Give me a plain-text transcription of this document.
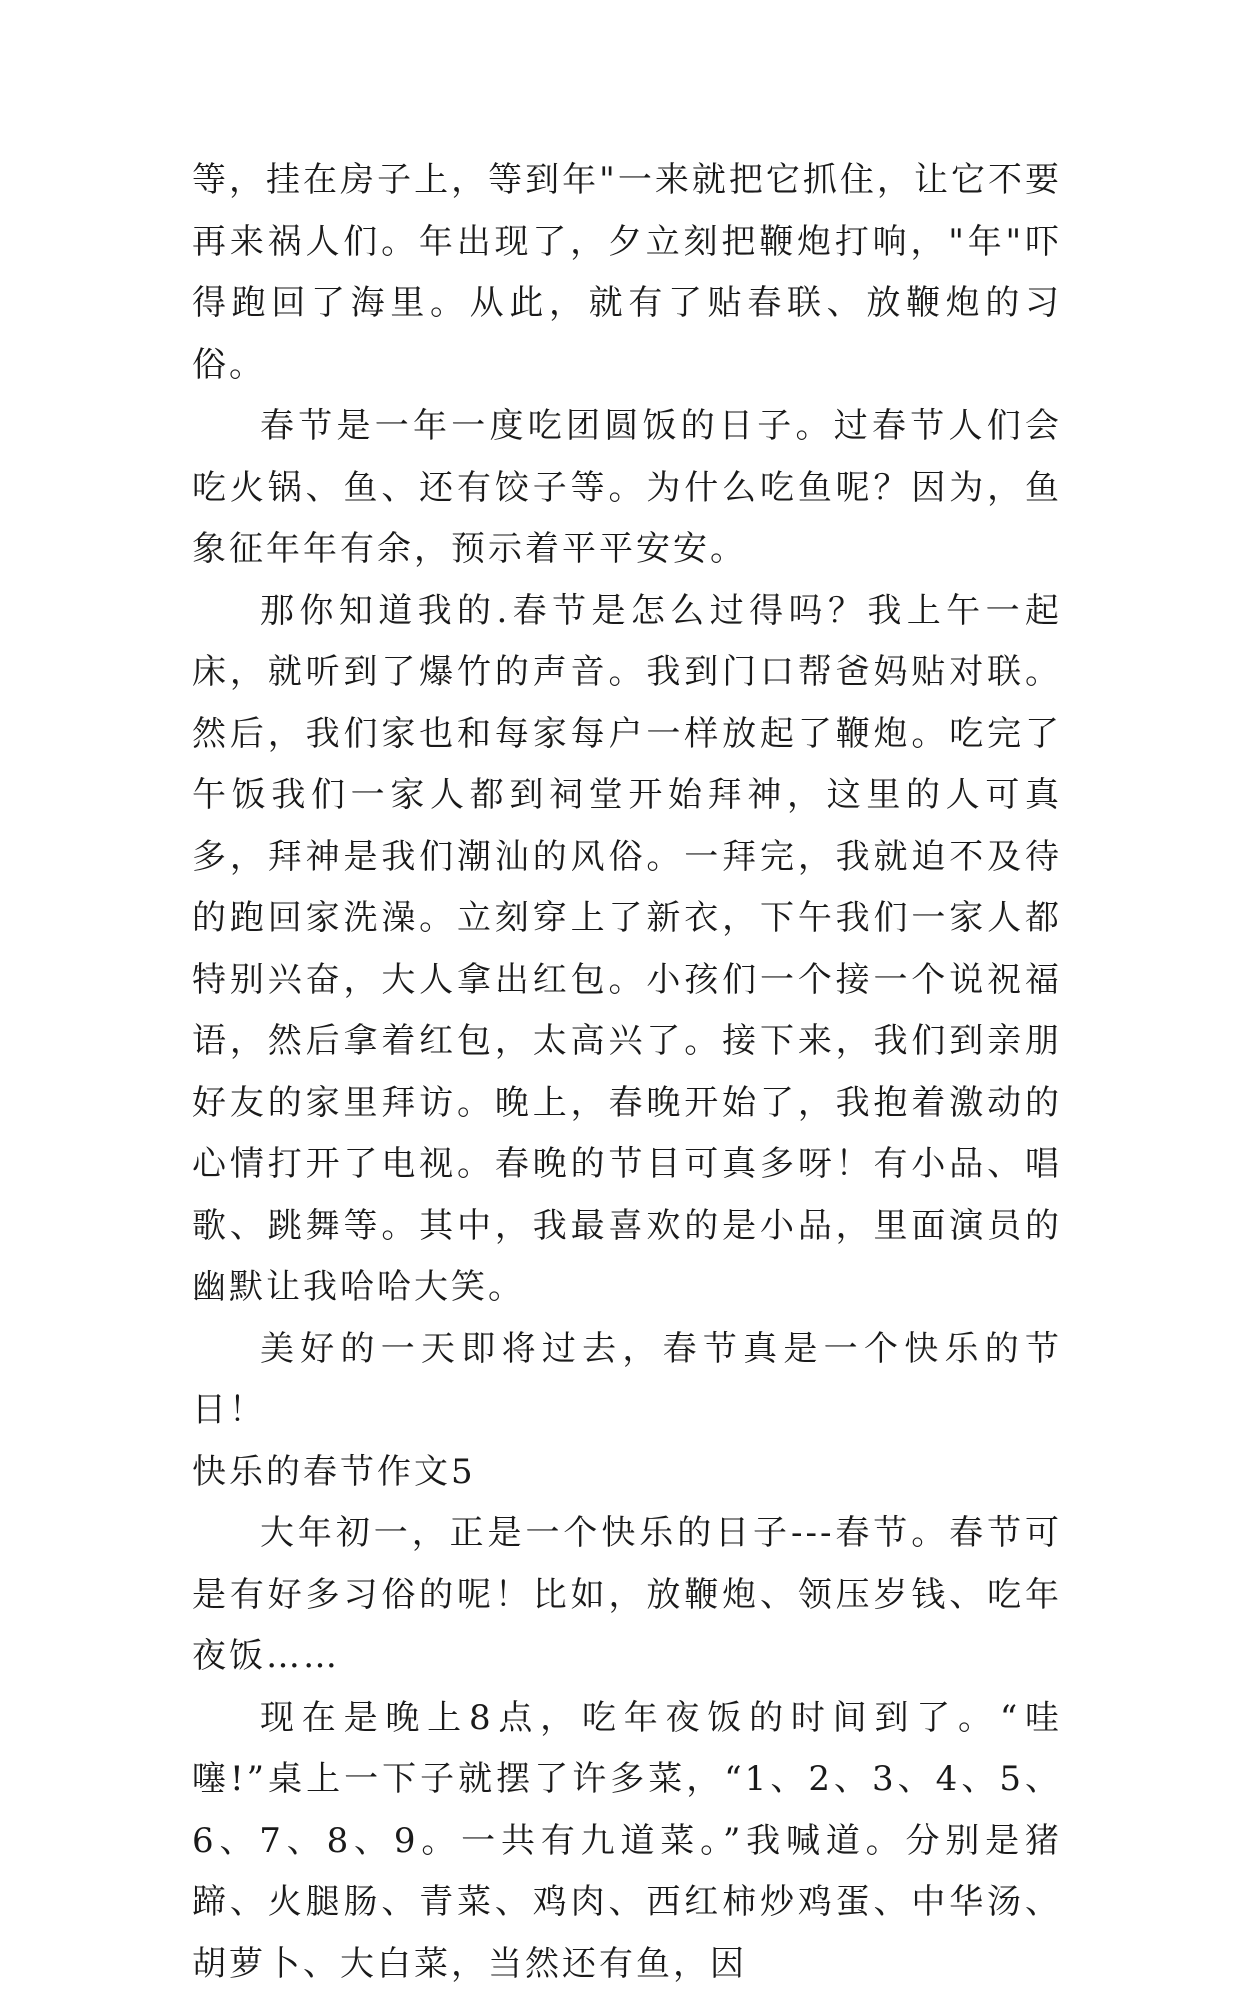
等，挂在房子上，等到年"一来就把它抓住，让它不要再来祸人们。年出现了，夕立刻把鞭炮打响，"年"吓得跑回了海里。从此，就有了贴春联、放鞭炮的习俗。

春节是一年一度吃团圆饭的日子。过春节人们会吃火锅、鱼、还有饺子等。为什么吃鱼呢？因为，鱼象征年年有余，预示着平平安安。

那你知道我的.春节是怎么过得吗？我上午一起床，就听到了爆竹的声音。我到门口帮爸妈贴对联。然后，我们家也和每家每户一样放起了鞭炮。吃完了午饭我们一家人都到祠堂开始拜神，这里的人可真多，拜神是我们潮汕的风俗。一拜完，我就迫不及待的跑回家洗澡。立刻穿上了新衣，下午我们一家人都特别兴奋，大人拿出红包。小孩们一个接一个说祝福语，然后拿着红包，太高兴了。接下来，我们到亲朋好友的家里拜访。晚上，春晚开始了，我抱着激动的心情打开了电视。春晚的节目可真多呀！有小品、唱歌、跳舞等。其中，我最喜欢的是小品，里面演员的幽默让我哈哈大笑。

美好的一天即将过去，春节真是一个快乐的节日！

快乐的春节作文5

大年初一，正是一个快乐的日子---春节。春节可是有好多习俗的呢！比如，放鞭炮、领压岁钱、吃年夜饭……

现在是晚上8点，吃年夜饭的时间到了。“哇噻!”桌上一下子就摆了许多菜，“1、2、3、4、5、6、7、8、9。一共有九道菜。”我喊道。分别是猪蹄、火腿肠、青菜、鸡肉、西红柿炒鸡蛋、中华汤、胡萝卜、大白菜，当然还有鱼，因
